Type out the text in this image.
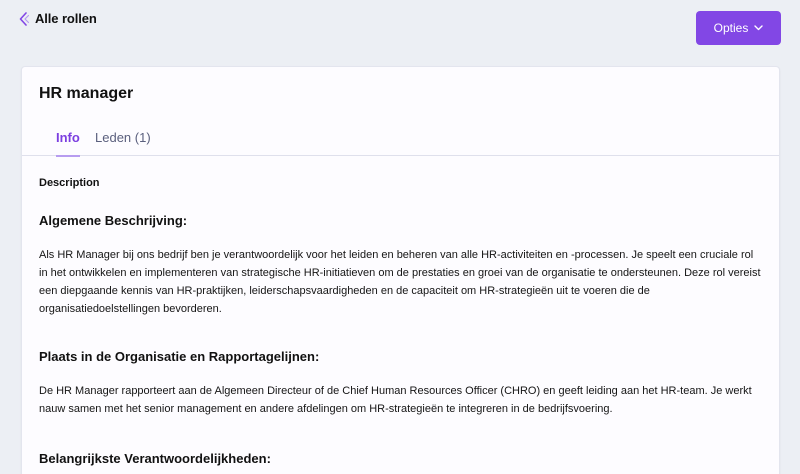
Alle rollen
Opties
HR manager
Info Leden (1)
Description
Algemene Beschrijving:

Als HR Manager bij ons bedrijf ben je verantwoordelijk voor het leiden en beheren van alle HR-activiteiten en -processen. Je speelt een cruciale rol in het ontwikkelen en implementeren van strategische HR-initiatieven om de prestaties en groei van de organisatie te ondersteunen. Deze rol vereist een diepgaande kennis van HR-praktijken, leiderschapsvaardigheden en de capaciteit om HR-strategieën uit te voeren die de organisatiedoelstellingen bevorderen.

Plaats in de Organisatie en Rapportagelijnen:

De HR Manager rapporteert aan de Algemeen Directeur of de Chief Human Resources Officer (CHRO) en geeft leiding aan het HR-team. Je werkt nauw samen met het senior management en andere afdelingen om HR-strategieën te integreren in de bedrijfsvoering.

Belangrijkste Verantwoordelijkheden:
